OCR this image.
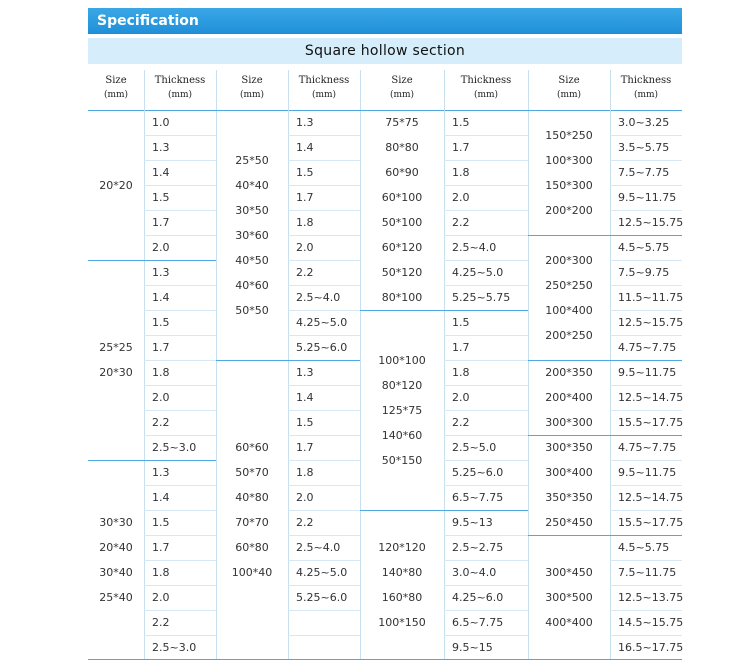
Specification
Square hollow section
Size
(mm)
Thickness
(mm)
20*20
1.0
1.3
1.4
1.5
1.7
2.0
25*25
20*30
1.3
1.4
1.5
1.7
1.8
2.0
2.2
2.5~3.0
30*30
20*40
30*40
25*40
1.3
1.4
1.5
1.7
1.8
2.0
2.2
2.5~3.0
Size
(mm)
Thickness
(mm)
25*50
40*40
30*50
30*60
40*50
40*60
50*50
1.3
1.4
1.5
1.7
1.8
2.0
2.2
2.5~4.0
4.25~5.0
5.25~6.0
60*60
50*70
40*80
70*70
60*80
100*40
1.3
1.4
1.5
1.7
1.8
2.0
2.2
2.5~4.0
4.25~5.0
5.25~6.0
Size
(mm)
Thickness
(mm)
75*75
80*80
60*90
60*100
50*100
60*120
50*120
80*100
1.5
1.7
1.8
2.0
2.2
2.5~4.0
4.25~5.0
5.25~5.75
100*100
80*120
125*75
140*60
50*150
1.5
1.7
1.8
2.0
2.2
2.5~5.0
5.25~6.0
6.5~7.75
120*120
140*80
160*80
100*150
9.5~13
2.5~2.75
3.0~4.0
4.25~6.0
6.5~7.75
9.5~15
Size
(mm)
Thickness
(mm)
150*250
100*300
150*300
200*200
3.0~3.25
3.5~5.75
7.5~7.75
9.5~11.75
12.5~15.75
200*300
250*250
100*400
200*250
4.5~5.75
7.5~9.75
11.5~11.75
12.5~15.75
4.75~7.75
200*350
200*400
300*300
9.5~11.75
12.5~14.75
15.5~17.75
300*350
300*400
350*350
250*450
4.75~7.75
9.5~11.75
12.5~14.75
15.5~17.75
300*450
300*500
400*400
4.5~5.75
7.5~11.75
12.5~13.75
14.5~15.75
16.5~17.75
